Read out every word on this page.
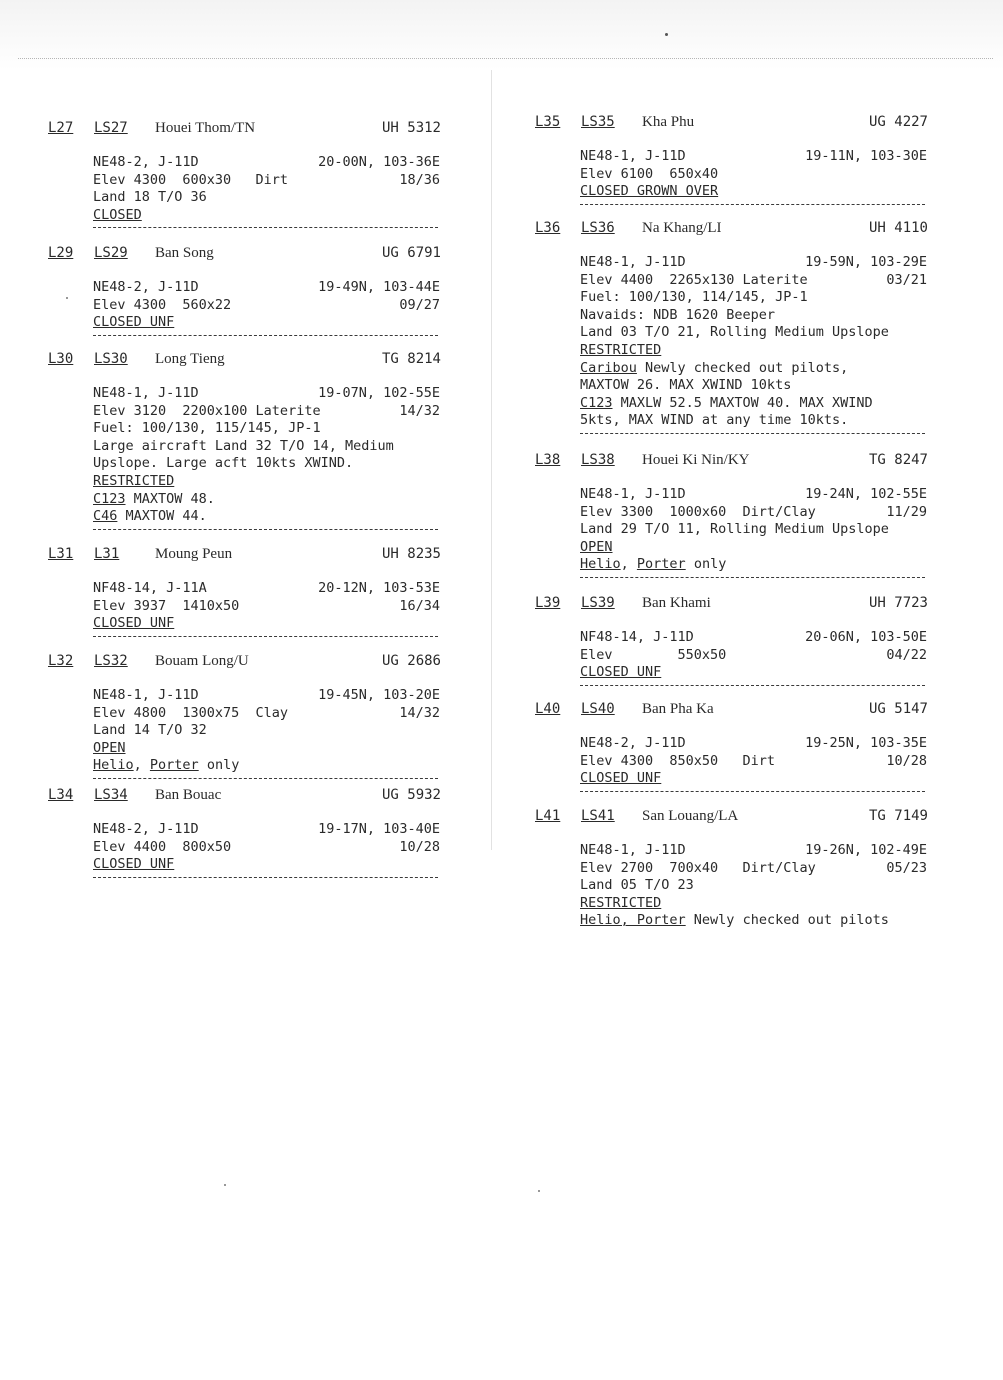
L27 LS27 Houei Thom/TN	UH 5312
NE48-2, J-11D	20-00N, 103-36E
Elev 4300  600x30   Dirt	18/36
Land 18 T/O 36
CLOSED
L29 LS29 Ban Song	UG 6791
NE48-2, J-11D	19-49N, 103-44E
Elev 4300  560x22	09/27
CLOSED UNF
L30 LS30 Long Tieng	TG 8214
NE48-1, J-11D	19-07N, 102-55E
Elev 3120  2200x100 Laterite	14/32
Fuel: 100/130, 115/145, JP-1
Large aircraft Land 32 T/O 14, Medium
Upslope. Large acft 10kts XWIND.
RESTRICTED
C123 MAXTOW 48.
C46 MAXTOW 44.
L31 L31 Moung Peun	UH 8235
NF48-14, J-11A	20-12N, 103-53E
Elev 3937  1410x50	16/34
CLOSED UNF
L32 LS32 Bouam Long/U	UG 2686
NE48-1, J-11D	19-45N, 103-20E
Elev 4800  1300x75  Clay	14/32
Land 14 T/O 32
OPEN
Helio, Porter only
L34 LS34 Ban Bouac	UG 5932
NE48-2, J-11D	19-17N, 103-40E
Elev 4400  800x50	10/28
CLOSED UNF
L35 LS35 Kha Phu	UG 4227
NE48-1, J-11D	19-11N, 103-30E
Elev 6100  650x40
CLOSED GROWN OVER
L36 LS36 Na Khang/LI	UH 4110
NE48-1, J-11D	19-59N, 103-29E
Elev 4400  2265x130 Laterite	03/21
Fuel: 100/130, 114/145, JP-1
Navaids: NDB 1620 Beeper
Land 03 T/O 21, Rolling Medium Upslope
RESTRICTED
Caribou Newly checked out pilots,
MAXTOW 26. MAX XWIND 10kts
C123 MAXLW 52.5 MAXTOW 40. MAX XWIND
5kts, MAX WIND at any time 10kts.
L38 LS38 Houei Ki Nin/KY	TG 8247
NE48-1, J-11D	19-24N, 102-55E
Elev 3300  1000x60  Dirt/Clay	11/29
Land 29 T/O 11, Rolling Medium Upslope
OPEN
Helio, Porter only
L39 LS39 Ban Khami	UH 7723
NF48-14, J-11D	20-06N, 103-50E
Elev        550x50	04/22
CLOSED UNF
L40 LS40 Ban Pha Ka	UG 5147
NE48-2, J-11D	19-25N, 103-35E
Elev 4300  850x50   Dirt	10/28
CLOSED UNF
L41 LS41 San Louang/LA	TG 7149
NE48-1, J-11D	19-26N, 102-49E
Elev 2700  700x40   Dirt/Clay	05/23
Land 05 T/O 23
RESTRICTED
Helio, Porter Newly checked out pilots
